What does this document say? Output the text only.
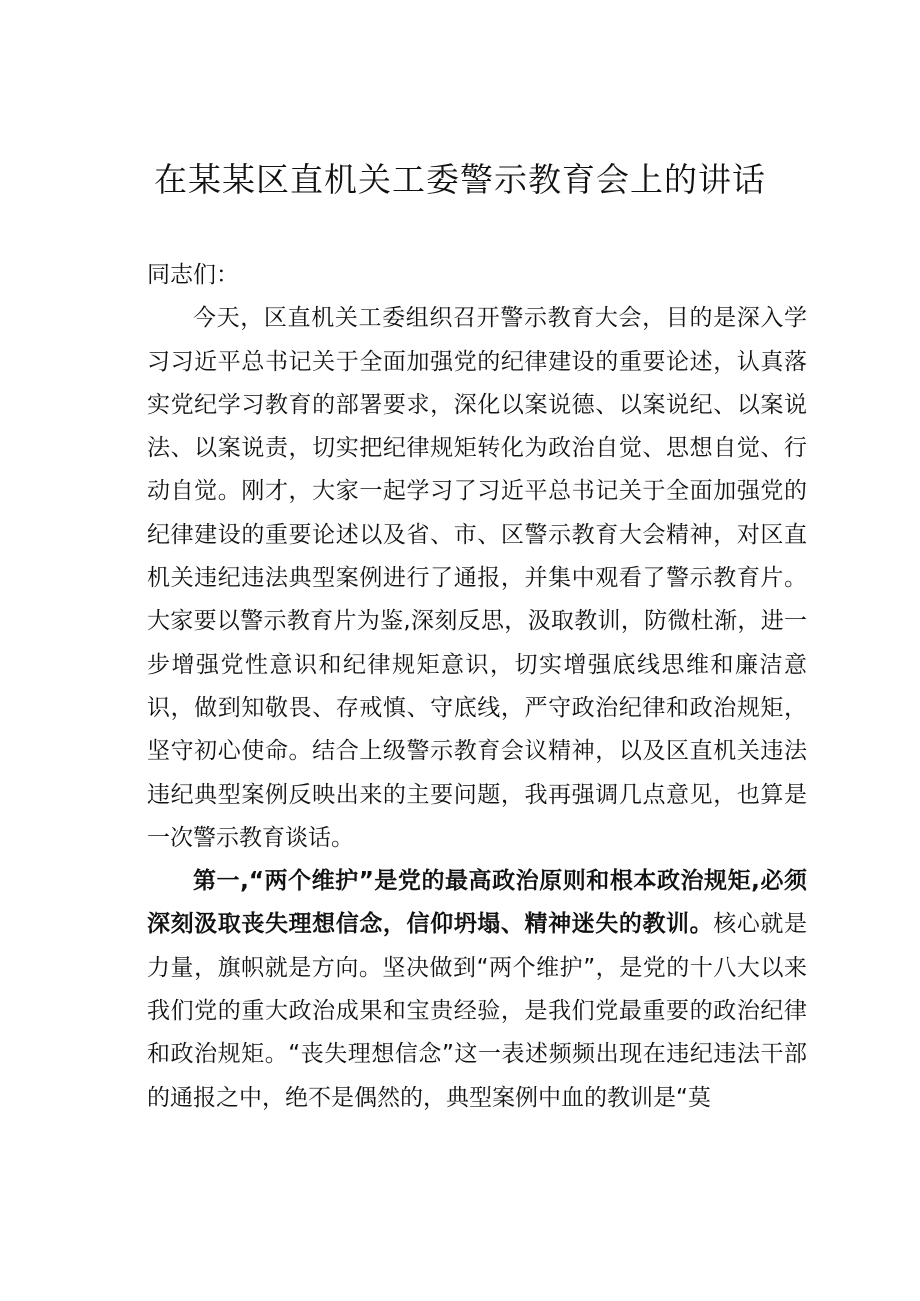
在某某区直机关工委警示教育会上的讲话

同志们：

今天，区直机关工委组织召开警示教育大会，目的是深入学习习近平总书记关于全面加强党的纪律建设的重要论述，认真落实党纪学习教育的部署要求，深化以案说德、以案说纪、以案说法、以案说责，切实把纪律规矩转化为政治自觉、思想自觉、行动自觉。刚才，大家一起学习了习近平总书记关于全面加强党的纪律建设的重要论述以及省、市、区警示教育大会精神，对区直机关违纪违法典型案例进行了通报，并集中观看了警示教育片。大家要以警示教育片为鉴,深刻反思，汲取教训，防微杜渐，进一步增强党性意识和纪律规矩意识，切实增强底线思维和廉洁意识，做到知敬畏、存戒慎、守底线，严守政治纪律和政治规矩，坚守初心使命。结合上级警示教育会议精神，以及区直机关违法违纪典型案例反映出来的主要问题，我再强调几点意见，也算是一次警示教育谈话。

第一,“两个维护”是党的最高政治原则和根本政治规矩,必须深刻汲取丧失理想信念，信仰坍塌、精神迷失的教训。核心就是力量，旗帜就是方向。坚决做到“两个维护”，是党的十八大以来我们党的重大政治成果和宝贵经验，是我们党最重要的政治纪律和政治规矩。“丧失理想信念”这一表述频频出现在违纪违法干部的通报之中，绝不是偶然的，典型案例中血的教训是“莫
